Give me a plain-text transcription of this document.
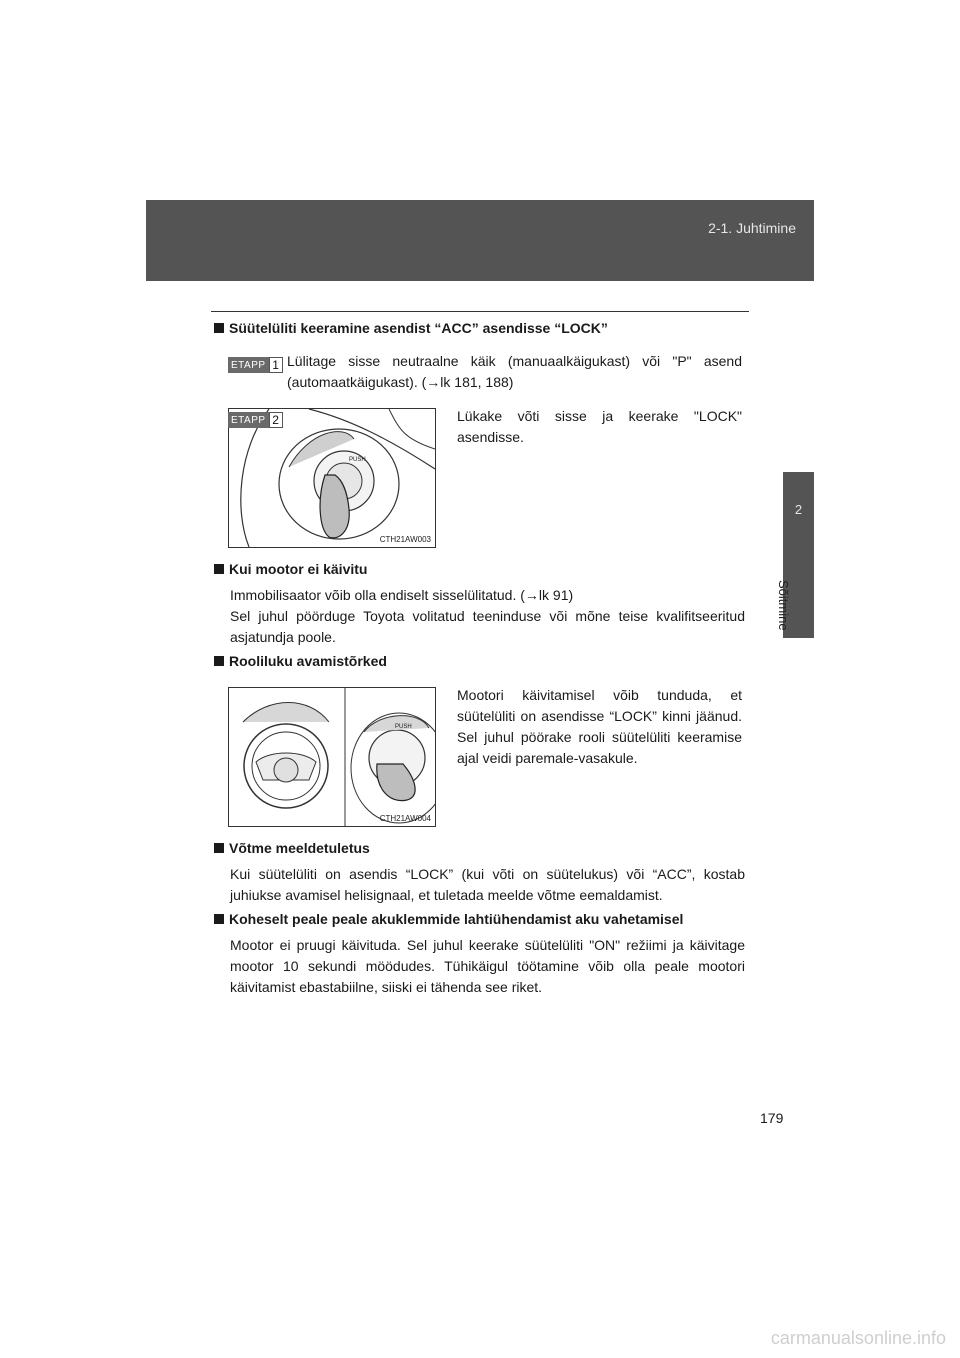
2-1. Juhtimine
2
Sõitmine
Süütelüliti keeramine asendist “ACC” asendisse “LOCK”
ETAPP 1 Lülitage sisse neutraalne käik (manuaalkäigukast) või "P" asend (automaatkäigukast). (→lk 181, 188)
PUSH
CTH21AW003
ETAPP 2	Lükake võti sisse ja keerake "LOCK" asendisse.
Kui mootor ei käivitu
Immobilisaator võib olla endiselt sisselülitatud. (→lk 91)
Sel juhul pöörduge Toyota volitatud teeninduse või mõne teise kvalifitseeritud asjatundja poole.
Rooliluku avamistõrked
PUSH
CTH21AW004
Mootori käivitamisel võib tunduda, et süütelüliti on asendisse “LOCK” kinni jäänud. Sel juhul pöörake rooli süütelüliti keeramise ajal veidi paremale-vasakule.
Võtme meeldetuletus
Kui süütelüliti on asendis “LOCK” (kui võti on süütelukus) või “ACC”, kostab juhiukse avamisel helisignaal, et tuletada meelde võtme eemaldamist.
Koheselt peale peale akuklemmide lahtiühendamist aku vahetamisel
Mootor ei pruugi käivituda. Sel juhul keerake süütelüliti "ON" režiimi ja käivitage mootor 10 sekundi möödudes. Tühikäigul töötamine võib olla peale mootori käivitamist ebastabiilne, siiski ei tähenda see riket.
179
carmanualsonline.info
